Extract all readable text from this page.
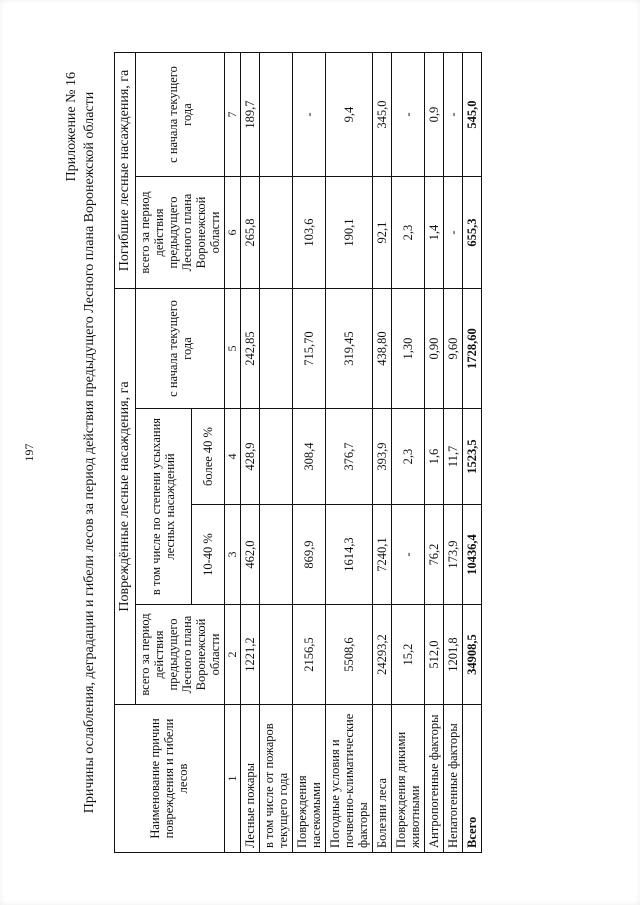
197
Приложение № 16 Причины ослабления, деградации и гибели лесов за период действия предыдущего Лесного плана Воронежской области	Наименование причин повреждения и гибели лесов	Повреждённые лесные насаждения, га				Погибшие лесные насаждения, га	
	всего за период действия предыдущего Лесного плана Воронежской области	в том числе по степени усыхания лесных насаждений		с начала текущего года	всего за период действия предыдущего Лесного плана Воронежской области	с начала текущего года
		10-40 %	более 40 %			
1	2	3	4	5	6	7
Лесные пожары	1221,2	462,0	428,9	242,85	265,8	189,7
в том числе от пожаров текущего года						
Повреждения насекомыми	2156,5	869,9	308,4	715,70	103,6	-
Погодные условия и почвенно-климатические факторы	5508,6	1614,3	376,7	319,45	190,1	9,4
Болезни леса	24293,2	7240,1	393,9	438,80	92,1	345,0
Повреждения дикими животными	15,2	-	2,3	1,30	2,3	-
Антропогенные факторы	512,0	76,2	1,6	0,90	1,4	0,9
Непатогенные факторы	1201,8	173,9	11,7	9,60	-	-
Всего	34908,5	10436,4	1523,5	1728,60	655,3	545,0
